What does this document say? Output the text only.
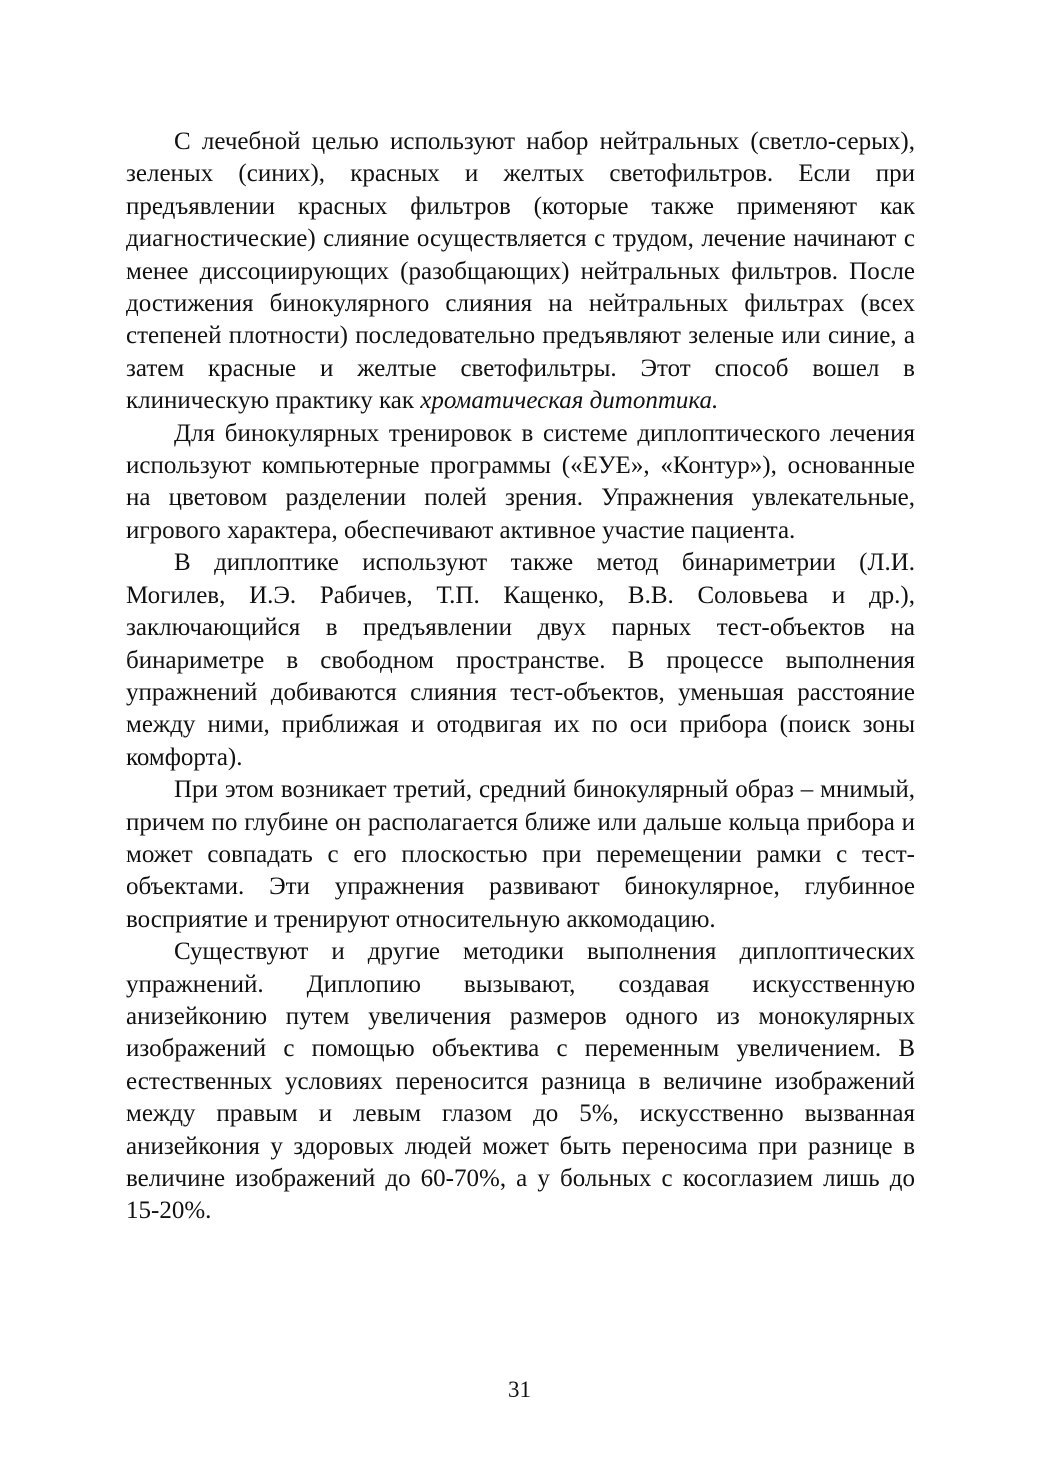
С лечебной целью используют набор нейтральных (светло-серых), зеленых (синих), красных и желтых светофильтров. Если при предъявлении красных фильтров (которые также применяют как диагностические) слияние осуществляется с трудом, лечение начинают с менее диссоциирующих (разобщающих) нейтральных фильтров. После достижения бинокулярного слияния на нейтральных фильтрах (всех степеней плотности) последовательно предъявляют зеленые или синие, а затем красные и желтые светофильтры. Этот способ вошел в клиническую практику как хроматическая дитоптика.

Для бинокулярных тренировок в системе диплоптического лечения используют компьютерные программы («ЕУЕ», «Контур»), основанные на цветовом разделении полей зрения. Упражнения увлекательные, игрового характера, обеспечивают активное участие пациента.

В диплоптике используют также метод бинариметрии (Л.И. Могилев, И.Э. Рабичев, Т.П. Кащенко, В.В. Соловьева и др.), заключающийся в предъявлении двух парных тест-объектов на бинариметре в свободном пространстве. В процессе выполнения упражнений добиваются слияния тест-объектов, уменьшая расстояние между ними, приближая и отодвигая их по оси прибора (поиск зоны комфорта).

При этом возникает третий, средний бинокулярный образ – мнимый, причем по глубине он располагается ближе или дальше кольца прибора и может совпадать с его плоскостью при перемещении рамки с тест-объектами. Эти упражнения развивают бинокулярное, глубинное восприятие и тренируют относительную аккомодацию.

Существуют и другие методики выполнения диплоптических упражнений. Диплопию вызывают, создавая искусственную анизейконию путем увеличения размеров одного из монокулярных изображений с помощью объектива с переменным увеличением. В естественных условиях переносится разница в величине изображений между правым и левым глазом до 5%, искусственно вызванная анизейкония у здоровых людей может быть переносима при разнице в величине изображений до 60-70%, а у больных с косоглазием лишь до 15-20%.

31
